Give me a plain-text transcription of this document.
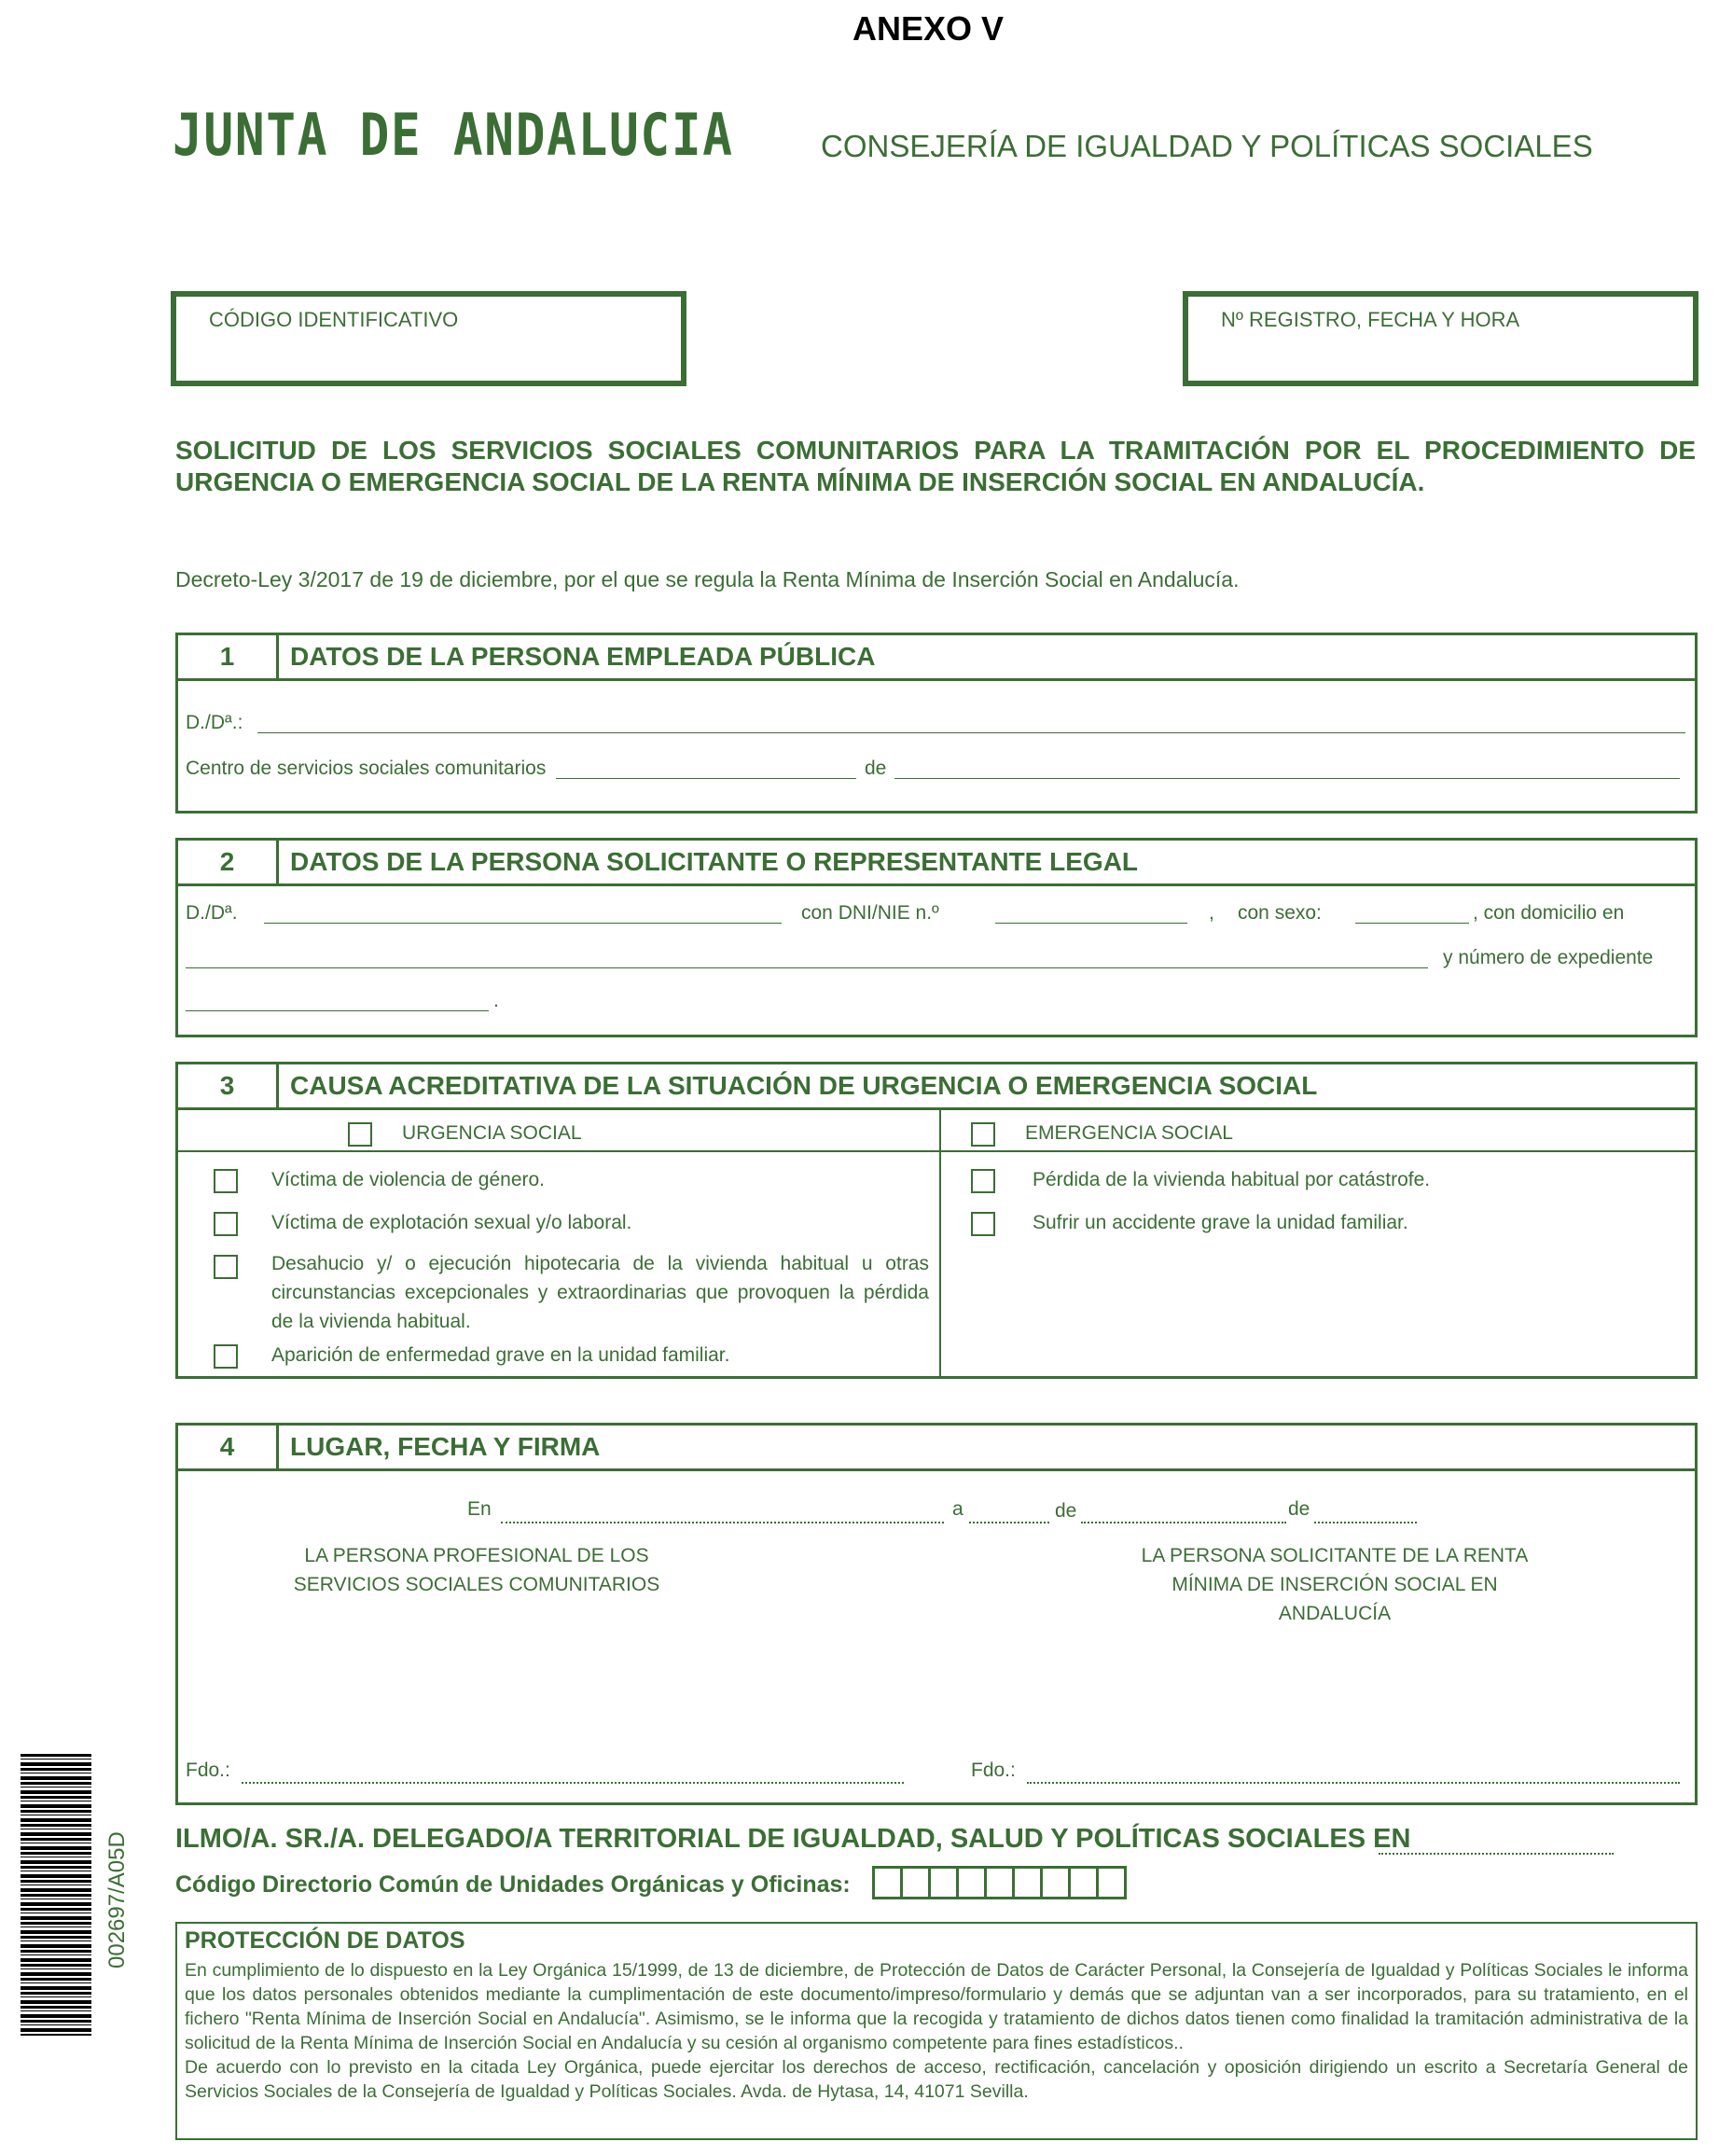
ANEXO V
JUNTA DE ANDALUCIA	CONSEJERÍA DE IGUALDAD Y POLÍTICAS SOCIALES
CÓDIGO IDENTIFICATIVO	Nº REGISTRO, FECHA Y HORA
SOLICITUD DE LOS SERVICIOS SOCIALES COMUNITARIOS PARA LA TRAMITACIÓN POR EL PROCEDIMIENTO DE URGENCIA O EMERGENCIA SOCIAL DE LA RENTA MÍNIMA DE INSERCIÓN SOCIAL EN ANDALUCÍA.
Decreto-Ley 3/2017 de 19 de diciembre, por el que se regula la Renta Mínima de Inserción Social en Andalucía.
1	DATOS DE LA PERSONA EMPLEADA PÚBLICA
D./Dª.:
Centro de servicios sociales comunitarios	de
2	DATOS DE LA PERSONA SOLICITANTE O REPRESENTANTE LEGAL
D./Dª.	con DNI/NIE n.º	, con sexo:	, con domicilio en
y número de expediente
.
3	CAUSA ACREDITATIVA DE LA SITUACIÓN DE URGENCIA O EMERGENCIA SOCIAL
URGENCIA SOCIAL	EMERGENCIA SOCIAL
Víctima de violencia de género.
Víctima de explotación sexual y/o laboral.
Desahucio y/ o ejecución hipotecaria de la vivienda habitual u otras circunstancias excepcionales y extraordinarias que provoquen la pérdida de la vivienda habitual.
Aparición de enfermedad grave en la unidad familiar.
Pérdida de la vivienda habitual por catástrofe.
Sufrir un accidente grave la unidad familiar.
4	LUGAR, FECHA Y FIRMA
En	a	de	de
LA PERSONA PROFESIONAL DE LOS SERVICIOS SOCIALES COMUNITARIOS
LA PERSONA SOLICITANTE DE LA RENTA MÍNIMA DE INSERCIÓN SOCIAL EN ANDALUCÍA
Fdo.:	Fdo.:
ILMO/A. SR./A. DELEGADO/A TERRITORIAL DE IGUALDAD, SALUD Y POLÍTICAS SOCIALES EN
Código Directorio Común de Unidades Orgánicas y Oficinas:
PROTECCIÓN DE DATOS
En cumplimiento de lo dispuesto en la Ley Orgánica 15/1999, de 13 de diciembre, de Protección de Datos de Carácter Personal, la Consejería de Igualdad y Políticas Sociales le informa que los datos personales obtenidos mediante la cumplimentación de este documento/impreso/formulario y demás que se adjuntan van a ser incorporados, para su tratamiento, en el fichero "Renta Mínima de Inserción Social en Andalucía". Asimismo, se le informa que la recogida y tratamiento de dichos datos tienen como finalidad la tramitación administrativa de la solicitud de la Renta Mínima de Inserción Social en Andalucía y su cesión al organismo competente para fines estadísticos..
De acuerdo con lo previsto en la citada Ley Orgánica, puede ejercitar los derechos de acceso, rectificación, cancelación y oposición dirigiendo un escrito a Secretaría General de Servicios Sociales de la Consejería de Igualdad y Políticas Sociales. Avda. de Hytasa, 14, 41071 Sevilla.
002697/A05D
